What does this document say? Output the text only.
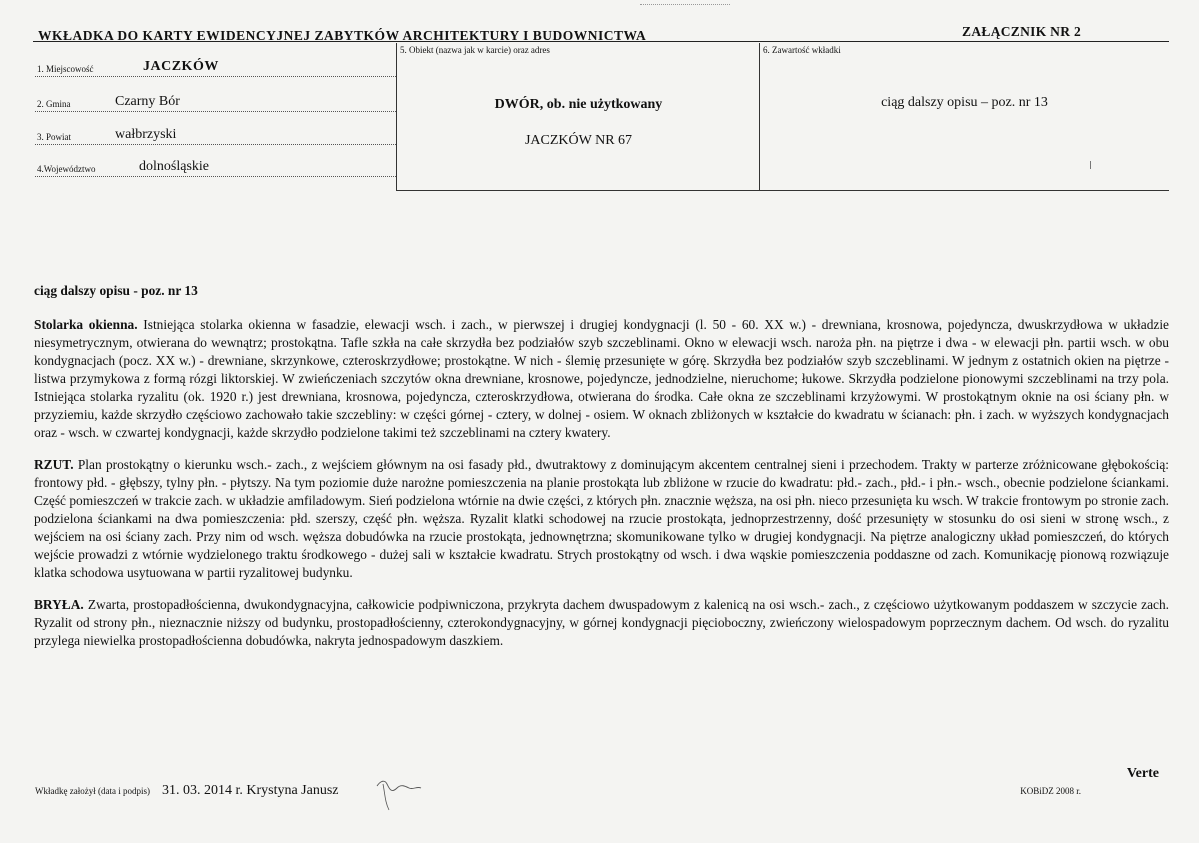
WKŁADKA DO KARTY EWIDENCYJNEJ ZABYTKÓW ARCHITEKTURY I BUDOWNICTWA	ZAŁĄCZNIK NR 2
1. Miejscowość	JACZKÓW
2. Gmina	Czarny Bór
3. Powiat	wałbrzyski
4.Województwo	dolnośląskie
5. Obiekt (nazwa jak w karcie) oraz adres
DWÓR, ob. nie użytkowany
JACZKÓW NR 67
6. Zawartość wkładki
ciąg dalszy opisu – poz. nr 13
ciąg dalszy opisu - poz. nr 13

Stolarka okienna. Istniejąca stolarka okienna w fasadzie, elewacji wsch. i zach., w pierwszej i drugiej kondygnacji (l. 50 - 60. XX w.) - drewniana, krosnowa, pojedyncza, dwuskrzydłowa w układzie niesymetrycznym, otwierana do wewnątrz; prostokątna. Tafle szkła na całe skrzydła bez podziałów szyb szczeblinami. Okno w elewacji wsch. naroża płn. na piętrze i dwa - w elewacji płn. partii wsch. w obu kondygnacjach (pocz. XX w.) - drewniane, skrzynkowe, czteroskrzydłowe; prostokątne. W nich - ślemię przesunięte w górę. Skrzydła bez podziałów szyb szczeblinami. W jednym z ostatnich okien na piętrze - listwa przymykowa z formą rózgi liktorskiej. W zwieńczeniach szczytów okna drewniane, krosnowe, pojedyncze, jednodzielne, nieruchome; łukowe. Skrzydła podzielone pionowymi szczeblinami na trzy pola. Istniejąca stolarka ryzalitu (ok. 1920 r.) jest drewniana, krosnowa, pojedyncza, czteroskrzydłowa, otwierana do środka. Całe okna ze szczeblinami krzyżowymi. W prostokątnym oknie na osi ściany płn. w przyziemiu, każde skrzydło częściowo zachowało takie szczebliny: w części górnej - cztery, w dolnej - osiem. W oknach zbliżonych w kształcie do kwadratu w ścianach: płn. i zach. w wyższych kondygnacjach oraz - wsch. w czwartej kondygnacji, każde skrzydło podzielone takimi też szczeblinami na cztery kwatery.

RZUT. Plan prostokątny o kierunku wsch.- zach., z wejściem głównym na osi fasady płd., dwutraktowy z dominującym akcentem centralnej sieni i przechodem. Trakty w parterze zróżnicowane głębokością: frontowy płd. - głębszy, tylny płn. - płytszy. Na tym poziomie duże narożne pomieszczenia na planie prostokąta lub zbliżone w rzucie do kwadratu: płd.- zach., płd.- i płn.- wsch., obecnie podzielone ściankami. Część pomieszczeń w trakcie zach. w układzie amfiladowym. Sień podzielona wtórnie na dwie części, z których płn. znacznie węższa, na osi płn. nieco przesunięta ku wsch. W trakcie frontowym po stronie zach. podzielona ściankami na dwa pomieszczenia: płd. szerszy, część płn. węższa. Ryzalit klatki schodowej na rzucie prostokąta, jednoprzestrzenny, dość przesunięty w stosunku do osi sieni w stronę wsch., z wejściem na osi ściany zach. Przy nim od wsch. węższa dobudówka na rzucie prostokąta, jednownętrzna; skomunikowane tylko w drugiej kondygnacji. Na piętrze analogiczny układ pomieszczeń, do których wejście prowadzi z wtórnie wydzielonego traktu środkowego - dużej sali w kształcie kwadratu. Strych prostokątny od wsch. i dwa wąskie pomieszczenia poddaszne od zach. Komunikację pionową rozwiązuje klatka schodowa usytuowana w partii ryzalitowej budynku.

BRYŁA. Zwarta, prostopadłościenna, dwukondygnacyjna, całkowicie podpiwniczona, przykryta dachem dwuspadowym z kalenicą na osi wsch.- zach., z częściowo użytkowanym poddaszem w szczycie zach. Ryzalit od strony płn., nieznacznie niższy od budynku, prostopadłościenny, czterokondygnacyjny, w górnej kondygnacji pięcioboczny, zwieńczony wielospadowym poprzecznym dachem. Od wsch. do ryzalitu przylega niewielka prostopadłościenna dobudówka, nakryta jednospadowym daszkiem.

Wkładkę założył (data i podpis) 31. 03. 2014 r. Krystyna Janusz
Verte
KOBiDZ 2008 r.
